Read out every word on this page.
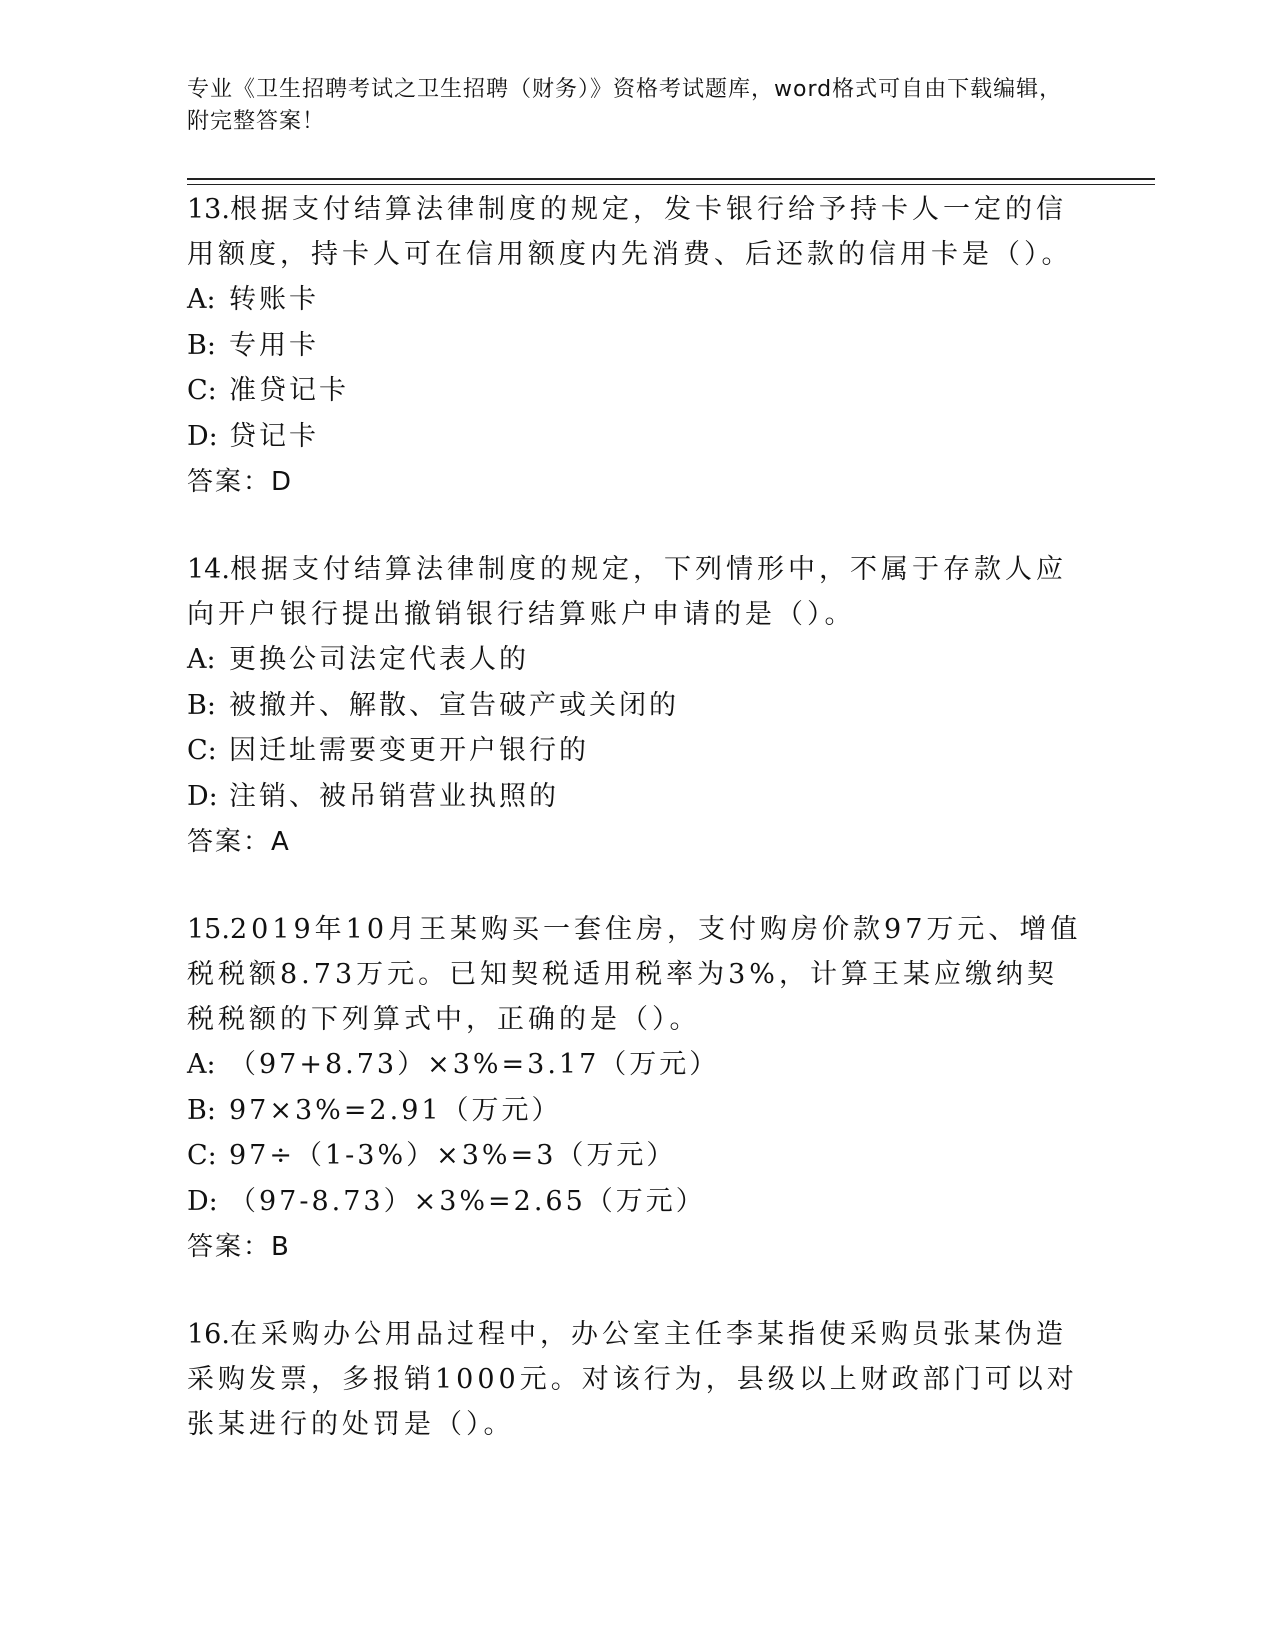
专业《卫生招聘考试之卫生招聘（财务）》资格考试题库，word格式可自由下载编辑，附完整答案！

13.根据支付结算法律制度的规定，发卡银行给予持卡人一定的信用额度，持卡人可在信用额度内先消费、后还款的信用卡是（）。

A: 转账卡

B: 专用卡

C: 准贷记卡

D: 贷记卡

答案：D

14.根据支付结算法律制度的规定，下列情形中，不属于存款人应向开户银行提出撤销银行结算账户申请的是（）。

A: 更换公司法定代表人的

B: 被撤并、解散、宣告破产或关闭的

C: 因迁址需要变更开户银行的

D: 注销、被吊销营业执照的

答案：A

15.2019年10月王某购买一套住房，支付购房价款97万元、增值税税额8.73万元。已知契税适用税率为3%，计算王某应缴纳契税税额的下列算式中，正确的是（）。

A: （97+8.73）×3%=3.17（万元）

B: 97×3%=2.91（万元）

C: 97÷（1-3%）×3%=3（万元）

D: （97-8.73）×3%=2.65（万元）

答案：B

16.在采购办公用品过程中，办公室主任李某指使采购员张某伪造采购发票，多报销1000元。对该行为，县级以上财政部门可以对张某进行的处罚是（）。
